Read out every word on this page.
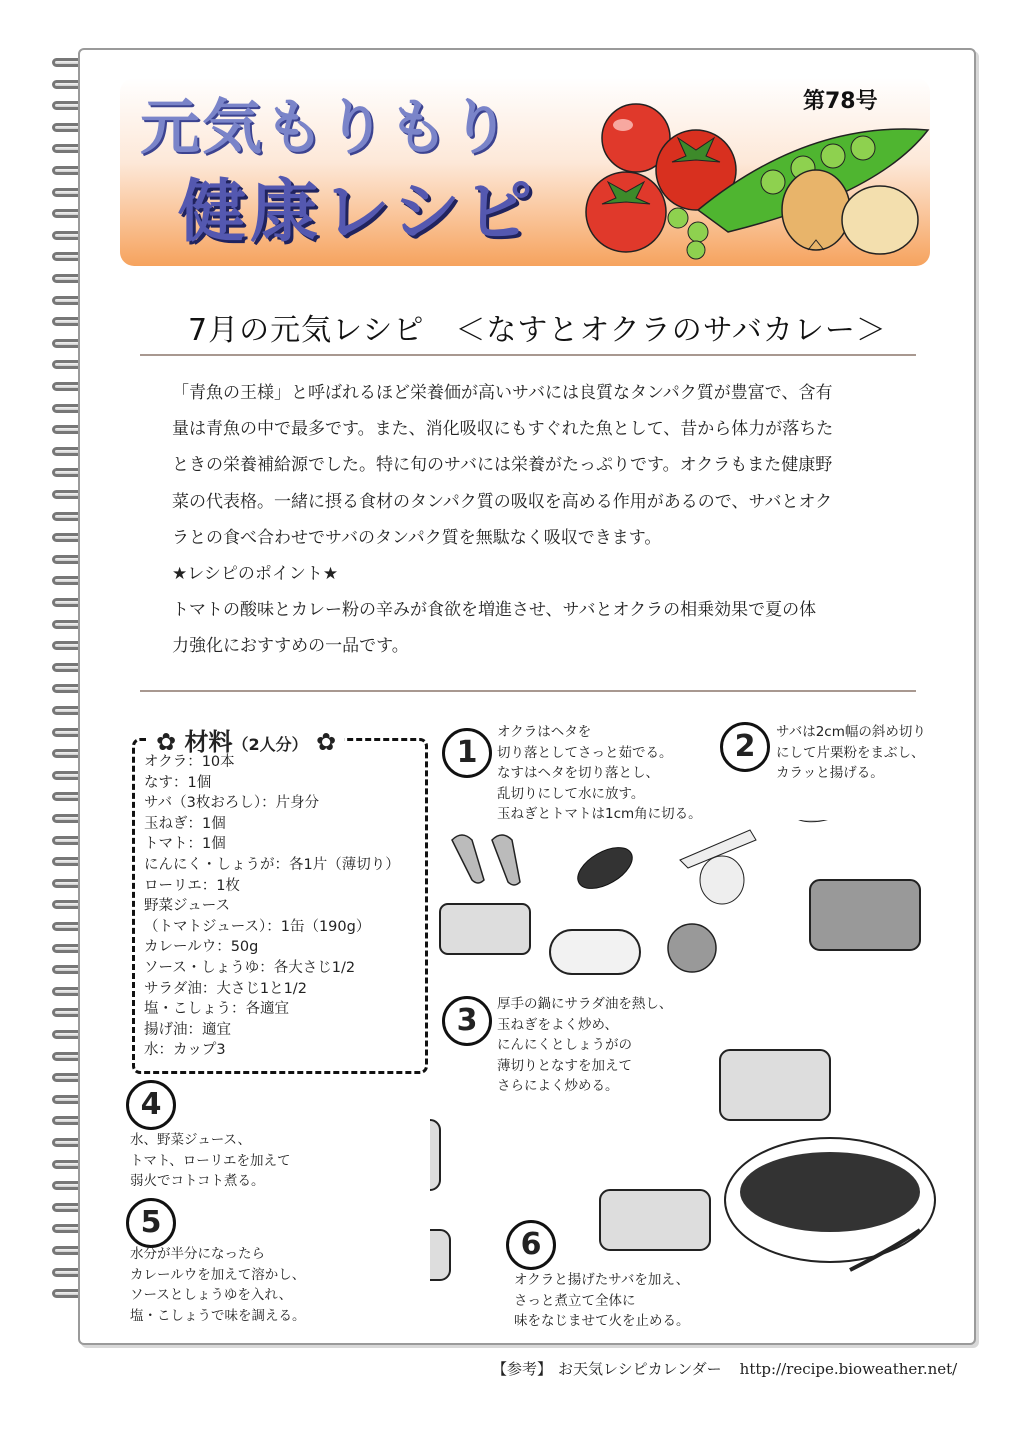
元気もりもり
健康レシピ
第78号
7月の元気レシピ　＜なすとオクラのサバカレー＞

「青魚の王様」と呼ばれるほど栄養価が高いサバには良質なタンパク質が豊富で、含有

量は青魚の中で最多です。また、消化吸収にもすぐれた魚として、昔から体力が落ちた

ときの栄養補給源でした。特に旬のサバには栄養がたっぷりです。オクラもまた健康野

菜の代表格。一緒に摂る食材のタンパク質の吸収を高める作用があるので、サバとオク

ラとの食べ合わせでサバのタンパク質を無駄なく吸収できます。

★レシピのポイント★

トマトの酸味とカレー粉の辛みが食欲を増進させ、サバとオクラの相乗効果で夏の体

力強化におすすめの一品です。

✿ 材料（2人分） ✿
オクラ：10本
なす：1個
サバ（3枚おろし）：片身分
玉ねぎ：1個
トマト：1個
にんにく・しょうが：各1片（薄切り）
ローリエ：1枚
野菜ジュース
（トマトジュース）：1缶（190g）
カレールウ：50g
ソース・しょうゆ：各大さじ1/2
サラダ油：大さじ1と1/2
塩・こしょう：各適宜
揚げ油：適宜
水：カップ3
1
オクラはヘタを
切り落としてさっと茹でる。
なすはヘタを切り落とし、
乱切りにして水に放す。
玉ねぎとトマトは1cm角に切る。
2	サバは2cm幅の斜め切り
にして片栗粉をまぶし、
カラッと揚げる。
3	厚手の鍋にサラダ油を熱し、
玉ねぎをよく炒め、
にんにくとしょうがの
薄切りとなすを加えて
さらによく炒める。
4
水、野菜ジュース、
トマト、ローリエを加えて
弱火でコトコト煮る。
5
水分が半分になったら
カレールウを加えて溶かし、
ソースとしょうゆを入れ、
塩・こしょうで味を調える。
6
オクラと揚げたサバを加え、
さっと煮立て全体に
味をなじませて火を止める。
【参考】 お天気レシピカレンダー http://recipe.bioweather.net/
